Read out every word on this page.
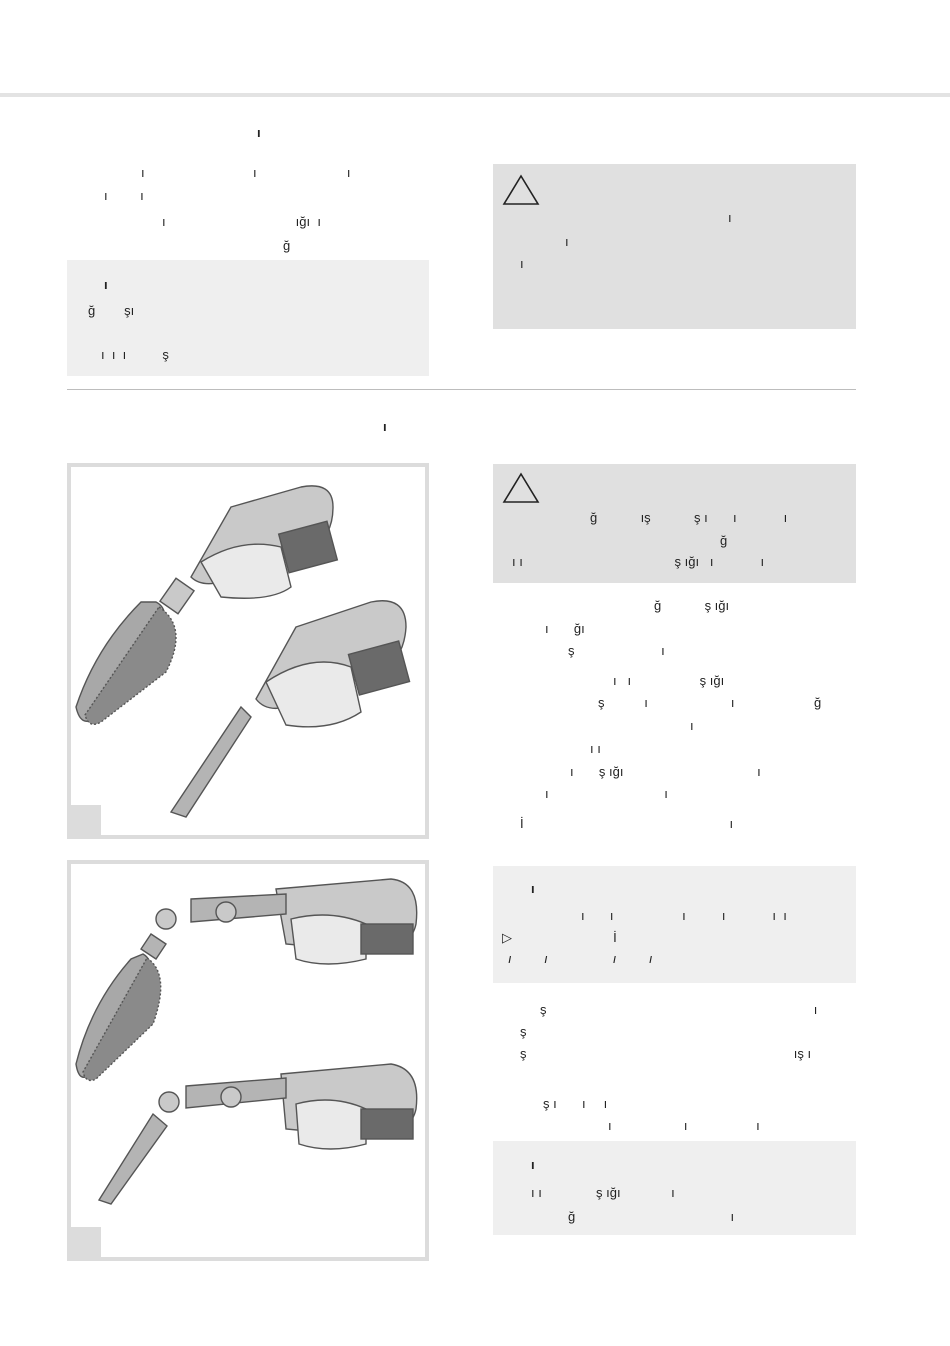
ı
ı                              ı                         ı
ı         ı
ı                                    ığı  ı
ğ
ı
ğ        şı
ı  ı  ı          ş
ı
ı
ı
ı
ğ            ış            ş ı       ı             ı
ğ
ı ı                                          ş ığı   ı             ı
ğ            ş ığı
ı       ğı
ş                        ı
ı   ı                   ş ığı
ş           ı                       ı                      ğ
ı
ı ı
ı       ş ığı                                     ı
ı                                ı
İ                                                         ı
ı
ı       ı                   ı          ı             ı  ı
▷                            İ
ı         ı                  ı         ı
ş                                                                          ı
ş
ş                                                                          ış ı
ş ı       ı     ı
ı                    ı                   ı
ı
ı ı               ş ığı              ı
ğ                                           ı
